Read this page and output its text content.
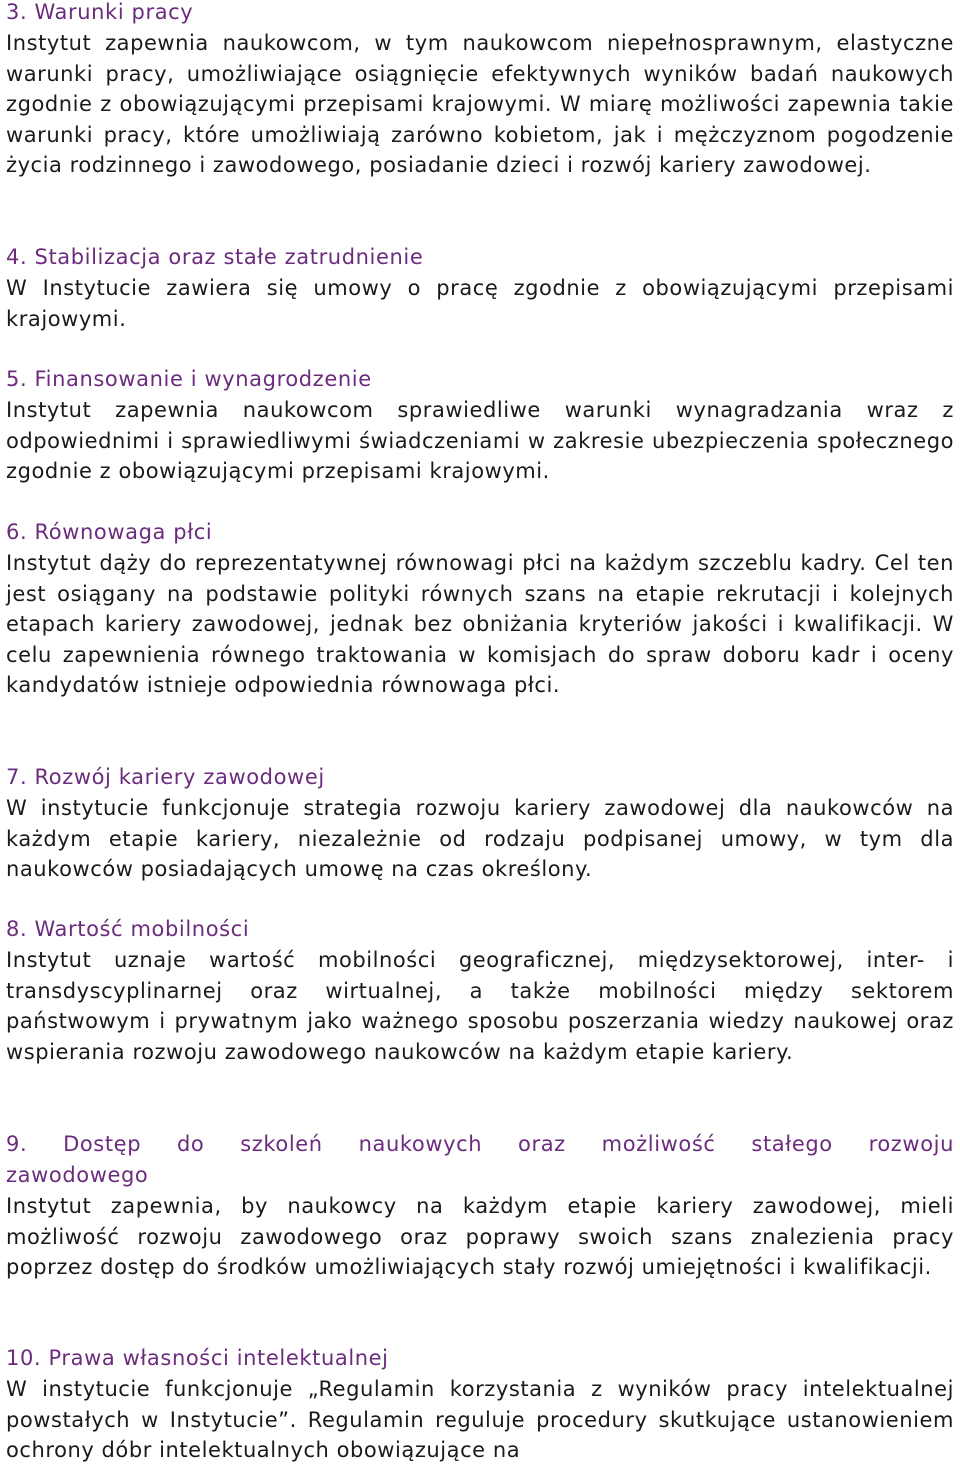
3. Warunki pracy

Instytut zapewnia naukowcom, w tym naukowcom niepełnosprawnym, elastyczne warunki pracy, umożliwiające osiągnięcie efektywnych wyników badań naukowych zgodnie z obowiązującymi przepisami krajowymi. W miarę możliwości zapewnia takie warunki pracy, które umożliwiają zarówno kobietom, jak i mężczyznom pogodzenie życia rodzinnego i zawodowego, posiadanie dzieci i rozwój kariery zawodowej.

4. Stabilizacja oraz stałe zatrudnienie

W Instytucie zawiera się umowy o pracę zgodnie z obowiązującymi przepisami krajowymi.

5. Finansowanie i wynagrodzenie

Instytut zapewnia naukowcom sprawiedliwe warunki wynagradzania wraz z odpowiednimi i sprawiedliwymi świadczeniami w zakresie ubezpieczenia społecznego zgodnie z obowiązującymi przepisami krajowymi.

6. Równowaga płci

Instytut dąży do reprezentatywnej równowagi płci na każdym szczeblu kadry. Cel ten jest osiągany na podstawie polityki równych szans na etapie rekrutacji i kolejnych etapach kariery zawodowej, jednak bez obniżania kryteriów jakości i kwalifikacji. W celu zapewnienia równego traktowania w komisjach do spraw doboru kadr i oceny kandydatów istnieje odpowiednia równowaga płci.

7. Rozwój kariery zawodowej

W instytucie funkcjonuje strategia rozwoju kariery zawodowej dla naukowców na każdym etapie kariery, niezależnie od rodzaju podpisanej umowy, w tym dla naukowców posiadających umowę na czas określony.

8. Wartość mobilności

Instytut uznaje wartość mobilności geograficznej, międzysektorowej, inter- i transdyscyplinarnej oraz wirtualnej, a także mobilności między sektorem państwowym i prywatnym jako ważnego sposobu poszerzania wiedzy naukowej oraz wspierania rozwoju zawodowego naukowców na każdym etapie kariery.

9. Dostęp do szkoleń naukowych oraz możliwość stałego rozwoju zawodowego

Instytut zapewnia, by naukowcy na każdym etapie kariery zawodowej, mieli możliwość rozwoju zawodowego oraz poprawy swoich szans znalezienia pracy poprzez dostęp do środków umożliwiających stały rozwój umiejętności i kwalifikacji.

10. Prawa własności intelektualnej

W instytucie funkcjonuje „Regulamin korzystania z wyników pracy intelektualnej powstałych w Instytucie”. Regulamin reguluje procedury skutkujące ustanowieniem ochrony dóbr intelektualnych obowiązujące na
